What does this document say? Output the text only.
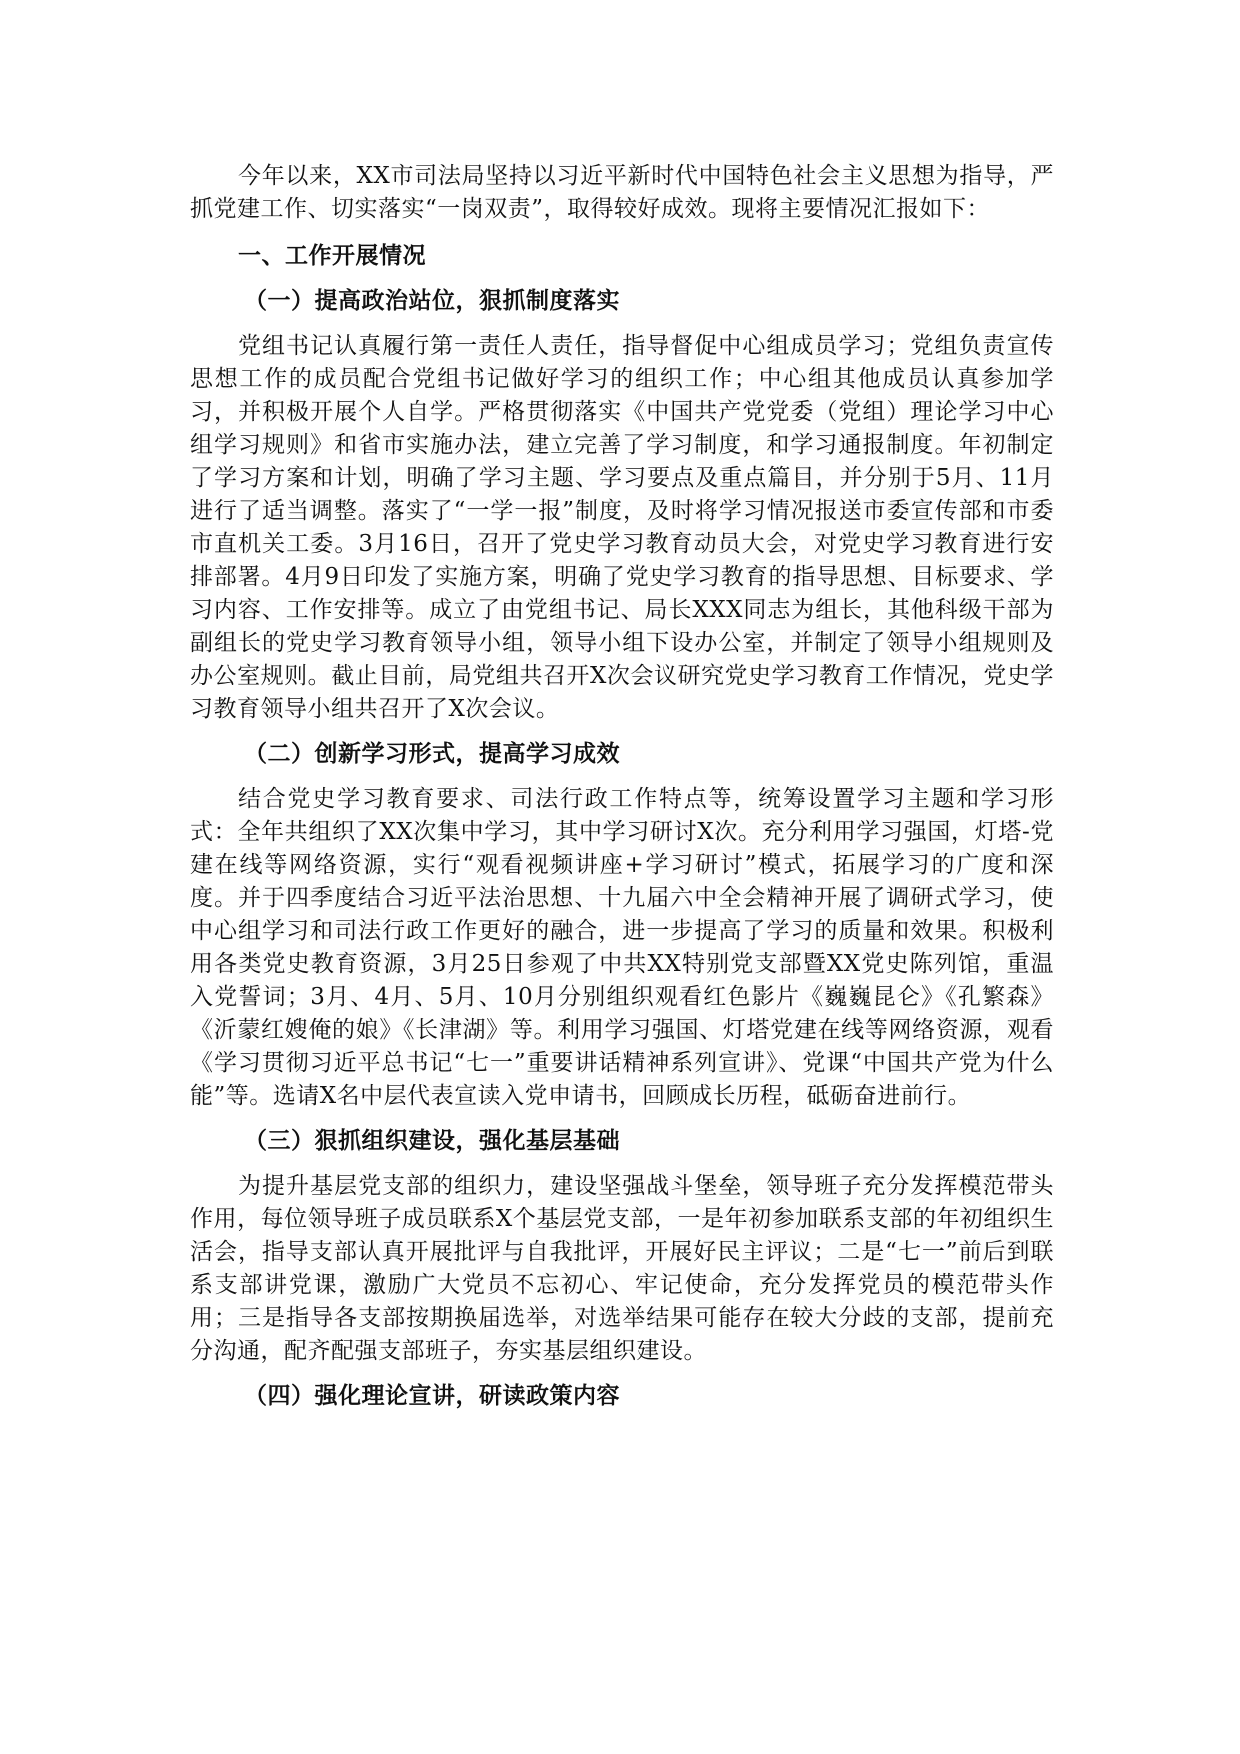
今年以来，XX市司法局坚持以习近平新时代中国特色社会主义思想为指导，严抓党建工作、切实落实“一岗双责”，取得较好成效。现将主要情况汇报如下：

一、工作开展情况

（一）提高政治站位，狠抓制度落实

党组书记认真履行第一责任人责任，指导督促中心组成员学习；党组负责宣传思想工作的成员配合党组书记做好学习的组织工作；中心组其他成员认真参加学习，并积极开展个人自学。严格贯彻落实《中国共产党党委（党组）理论学习中心组学习规则》和省市实施办法，建立完善了学习制度，和学习通报制度。年初制定了学习方案和计划，明确了学习主题、学习要点及重点篇目，并分别于5月、11月进行了适当调整。落实了“一学一报”制度，及时将学习情况报送市委宣传部和市委市直机关工委。3月16日，召开了党史学习教育动员大会，对党史学习教育进行安排部署。4月9日印发了实施方案，明确了党史学习教育的指导思想、目标要求、学习内容、工作安排等。成立了由党组书记、局长XXX同志为组长，其他科级干部为副组长的党史学习教育领导小组，领导小组下设办公室，并制定了领导小组规则及办公室规则。截止目前，局党组共召开X次会议研究党史学习教育工作情况，党史学习教育领导小组共召开了X次会议。

（二）创新学习形式，提高学习成效

结合党史学习教育要求、司法行政工作特点等，统筹设置学习主题和学习形式：全年共组织了XX次集中学习，其中学习研讨X次。充分利用学习强国，灯塔-党建在线等网络资源，实行“观看视频讲座+学习研讨”模式，拓展学习的广度和深度。并于四季度结合习近平法治思想、十九届六中全会精神开展了调研式学习，使中心组学习和司法行政工作更好的融合，进一步提高了学习的质量和效果。积极利用各类党史教育资源，3月25日参观了中共XX特别党支部暨XX党史陈列馆，重温入党誓词；3月、4月、5月、10月分别组织观看红色影片《巍巍昆仑》《孔繁森》《沂蒙红嫂俺的娘》《长津湖》等。利用学习强国、灯塔党建在线等网络资源，观看《学习贯彻习近平总书记“七一”重要讲话精神系列宣讲》、党课“中国共产党为什么能”等。选请X名中层代表宣读入党申请书，回顾成长历程，砥砺奋进前行。

（三）狠抓组织建设，强化基层基础

为提升基层党支部的组织力，建设坚强战斗堡垒，领导班子充分发挥模范带头作用，每位领导班子成员联系X个基层党支部，一是年初参加联系支部的年初组织生活会，指导支部认真开展批评与自我批评，开展好民主评议；二是“七一”前后到联系支部讲党课，激励广大党员不忘初心、牢记使命，充分发挥党员的模范带头作用；三是指导各支部按期换届选举，对选举结果可能存在较大分歧的支部，提前充分沟通，配齐配强支部班子，夯实基层组织建设。

（四）强化理论宣讲，研读政策内容
